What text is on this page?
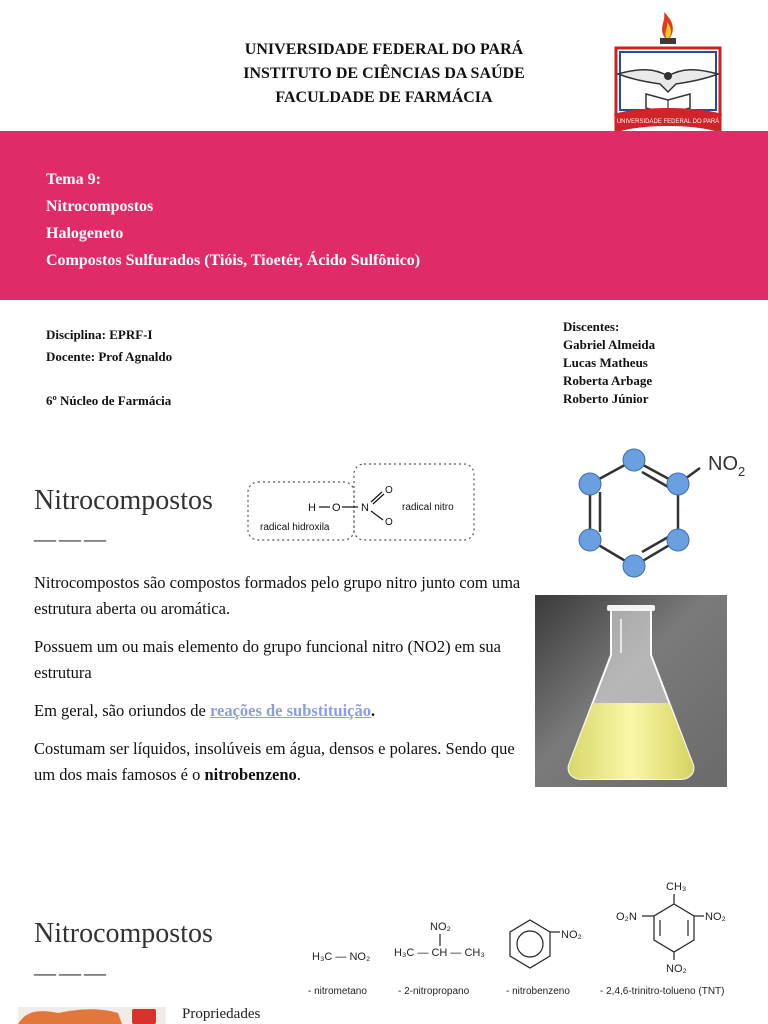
UNIVERSIDADE FEDERAL DO PARÁ
INSTITUTO DE CIÊNCIAS DA SAÚDE
FACULDADE DE FARMÁCIA
UNIVERSIDADE FEDERAL DO PARÁ
Tema 9:
Nitrocompostos
Halogeneto
Compostos Sulfurados (Tióis, Tioetér, Ácido Sulfônico)
Disciplina: EPRF-I
Docente: Prof Agnaldo
6º Núcleo de Farmácia
Discentes:
Gabriel Almeida
Lucas Matheus
Roberta Arbage
Roberto Júnior
Nitrocompostos
———
H O N
O
O
radical hidroxila
radical nitro
$NO_2$

Nitrocompostos são compostos formados pelo grupo nitro junto com uma estrutura aberta ou aromática.

Possuem um ou mais elemento do grupo funcional nitro (NO2) em sua estrutura

Em geral, são oriundos de reações de substituição.

Costumam ser líquidos, insolúveis em água, densos e polares. Sendo que um dos mais famosos é o nitrobenzeno.

Nitrocompostos
———
H₃C — NO₂
- nitrometano
NO₂
H₃C — CH — CH₃
- 2-nitropropano
NO₂
- nitrobenzeno
CH₃
O₂N	NO₂
NO₂
- 2,4,6-trinitro-tolueno (TNT)
Propriedades
